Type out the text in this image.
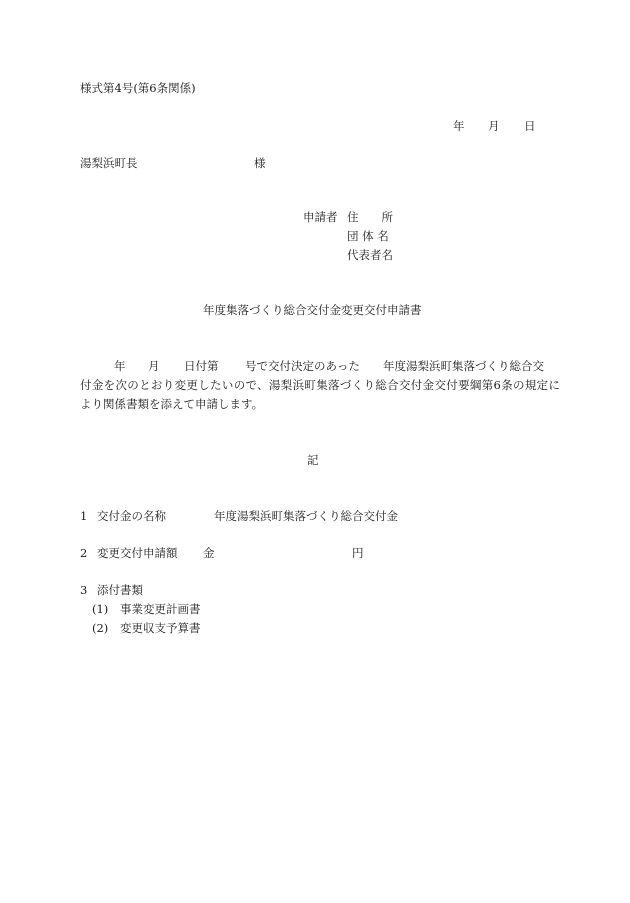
様式第4号(第6条関係)
年 月 日
湯梨浜町長	様
申請者 住　　所
団 体 名
代表者名
年度集落づくり総合交付金変更交付申請書
年 月 日付第 号で交付決定のあった 年度湯梨浜町集落づくり総合交
付金を次のとおり変更したいので、湯梨浜町集落づくり総合交付金交付要綱第6条の規定に
より関係書類を添えて申請します。
記
1 交付金の名称	年度湯梨浜町集落づくり総合交付金
2 変更交付申請額 金	円
3 添付書類
(1) 事業変更計画書
(2) 変更収支予算書
